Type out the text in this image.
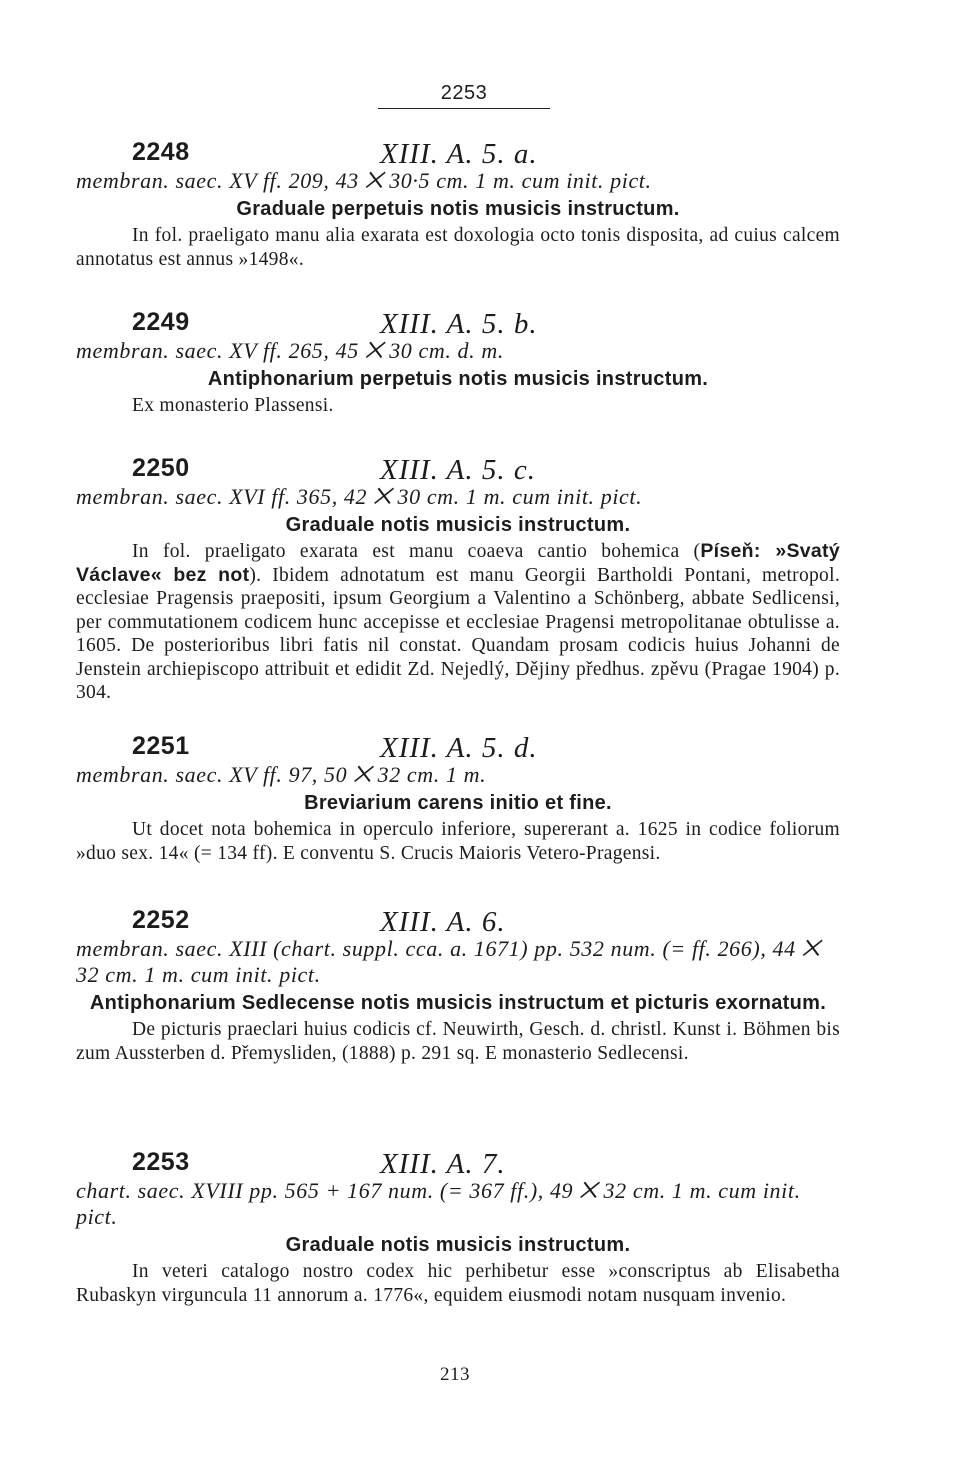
2253
2248	XIII. A. 5. a.
membran. saec. XV ff. 209, 43 ⨉ 30·5 cm. 1 m. cum init. pict.
Graduale perpetuis notis musicis instructum.
In fol. praeligato manu alia exarata est doxologia octo tonis disposita, ad cuius calcem annotatus est annus »1498«.
2249	XIII. A. 5. b.
membran. saec. XV ff. 265, 45 ⨉ 30 cm. d. m.
Antiphonarium perpetuis notis musicis instructum.
Ex monasterio Plassensi.
2250	XIII. A. 5. c.
membran. saec. XVI ff. 365, 42 ⨉ 30 cm. 1 m. cum init. pict.
Graduale notis musicis instructum.
In fol. praeligato exarata est manu coaeva cantio bohemica (Píseň: »Svatý Václave« bez not). Ibidem adnotatum est manu Georgii Bartholdi Pontani, metropol. ecclesiae Pragensis praepositi, ipsum Georgium a Valentino a Schönberg, abbate Sedlicensi, per commutationem codicem hunc accepisse et ecclesiae Pragensi metropolitanae obtulisse a. 1605. De posterioribus libri fatis nil constat. Quandam prosam codicis huius Johanni de Jenstein archiepiscopo attribuit et edidit Zd. Nejedlý, Dějiny předhus. zpěvu (Pragae 1904) p. 304.
2251	XIII. A. 5. d.
membran. saec. XV ff. 97, 50 ⨉ 32 cm. 1 m.
Breviarium carens initio et fine.
Ut docet nota bohemica in operculo inferiore, supererant a. 1625 in codice foliorum »duo sex. 14« (= 134 ff). E conventu S. Crucis Maioris Vetero-Pragensi.
2252	XIII. A. 6.
membran. saec. XIII (chart. suppl. cca. a. 1671) pp. 532 num. (= ff. 266), 44 ⨉ 32 cm. 1 m. cum init. pict.
Antiphonarium Sedlecense notis musicis instructum et picturis exornatum.
De picturis praeclari huius codicis cf. Neuwirth, Gesch. d. christl. Kunst i. Böhmen bis zum Aussterben d. Přemysliden, (1888) p. 291 sq. E monasterio Sedlecensi.
2253	XIII. A. 7.
chart. saec. XVIII pp. 565 + 167 num. (= 367 ff.), 49 ⨉ 32 cm. 1 m. cum init. pict.
Graduale notis musicis instructum.
In veteri catalogo nostro codex hic perhibetur esse »conscriptus ab Elisabetha Rubaskyn virguncula 11 annorum a. 1776«, equidem eiusmodi notam nusquam invenio.
213
